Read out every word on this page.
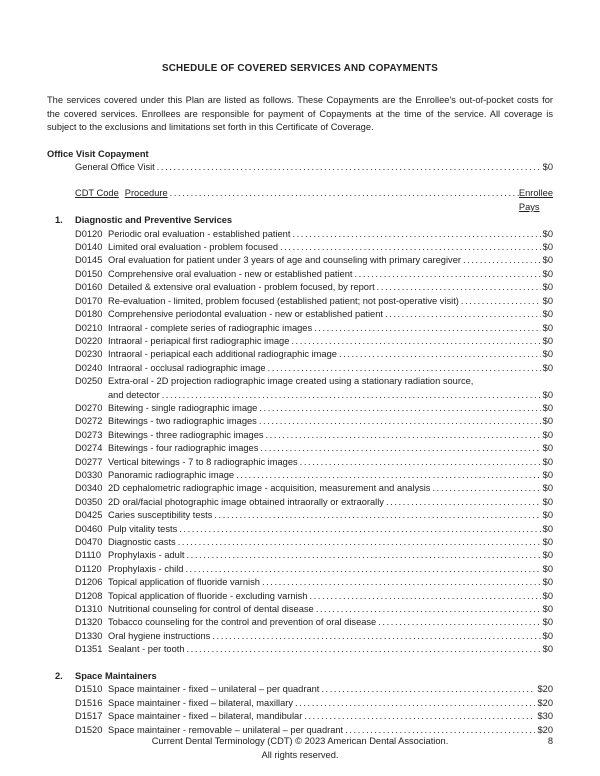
SCHEDULE OF COVERED SERVICES AND COPAYMENTS

The services covered under this Plan are listed as follows. These Copayments are the Enrollee's out-of-pocket costs for the covered services. Enrollees are responsible for payment of Copayments at the time of the service. All coverage is subject to the exclusions and limitations set forth in this Certificate of Coverage.

Office Visit Copayment
General Office Visit .....	$0
CDT Code Procedure .....	Enrollee Pays
1.	Diagnostic and Preventive Services
D0120 Periodic oral evaluation - established patient .....	$0
D0140 Limited oral evaluation - problem focused .....	$0
D0145 Oral evaluation for patient under 3 years of age and counseling with primary caregiver .....	$0
D0150 Comprehensive oral evaluation - new or established patient .....	$0
D0160 Detailed & extensive oral evaluation - problem focused, by report .....	$0
D0170 Re-evaluation - limited, problem focused (established patient; not post-operative visit) .....	$0
D0180 Comprehensive periodontal evaluation - new or established patient .....	$0
D0210 Intraoral - complete series of radiographic images .....	$0
D0220 Intraoral - periapical first radiographic image .....	$0
D0230 Intraoral - periapical each additional radiographic image .....	$0
D0240 Intraoral - occlusal radiographic image .....	$0
D0250 Extra-oral - 2D projection radiographic image created using a stationary radiation source,
and detector .....	$0
D0270 Bitewing - single radiographic image .....	$0
D0272 Bitewings - two radiographic images .....	$0
D0273 Bitewings - three radiographic images .....	$0
D0274 Bitewings - four radiographic images .....	$0
D0277 Vertical bitewings - 7 to 8 radiographic images .....	$0
D0330 Panoramic radiographic image .....	$0
D0340 2D cephalometric radiographic image - acquisition, measurement and analysis .....	$0
D0350 2D oral/facial photographic image obtained intraorally or extraorally .....	$0
D0425 Caries susceptibility tests .....	$0
D0460 Pulp vitality tests .....	$0
D0470 Diagnostic casts .....	$0
D1110 Prophylaxis - adult .....	$0
D1120 Prophylaxis - child .....	$0
D1206 Topical application of fluoride varnish .....	$0
D1208 Topical application of fluoride - excluding varnish .....	$0
D1310 Nutritional counseling for control of dental disease .....	$0
D1320 Tobacco counseling for the control and prevention of oral disease .....	$0
D1330 Oral hygiene instructions .....	$0
D1351 Sealant - per tooth .....	$0
2.	Space Maintainers
D1510 Space maintainer - fixed – unilateral – per quadrant .....	$20
D1516 Space maintainer - fixed – bilateral, maxillary .....	$20
D1517 Space maintainer - fixed – bilateral, mandibular .....	$30
D1520 Space maintainer - removable – unilateral – per quadrant .....	$20
Current Dental Terminology (CDT) © 2023 American Dental Association.
All rights reserved.
8
